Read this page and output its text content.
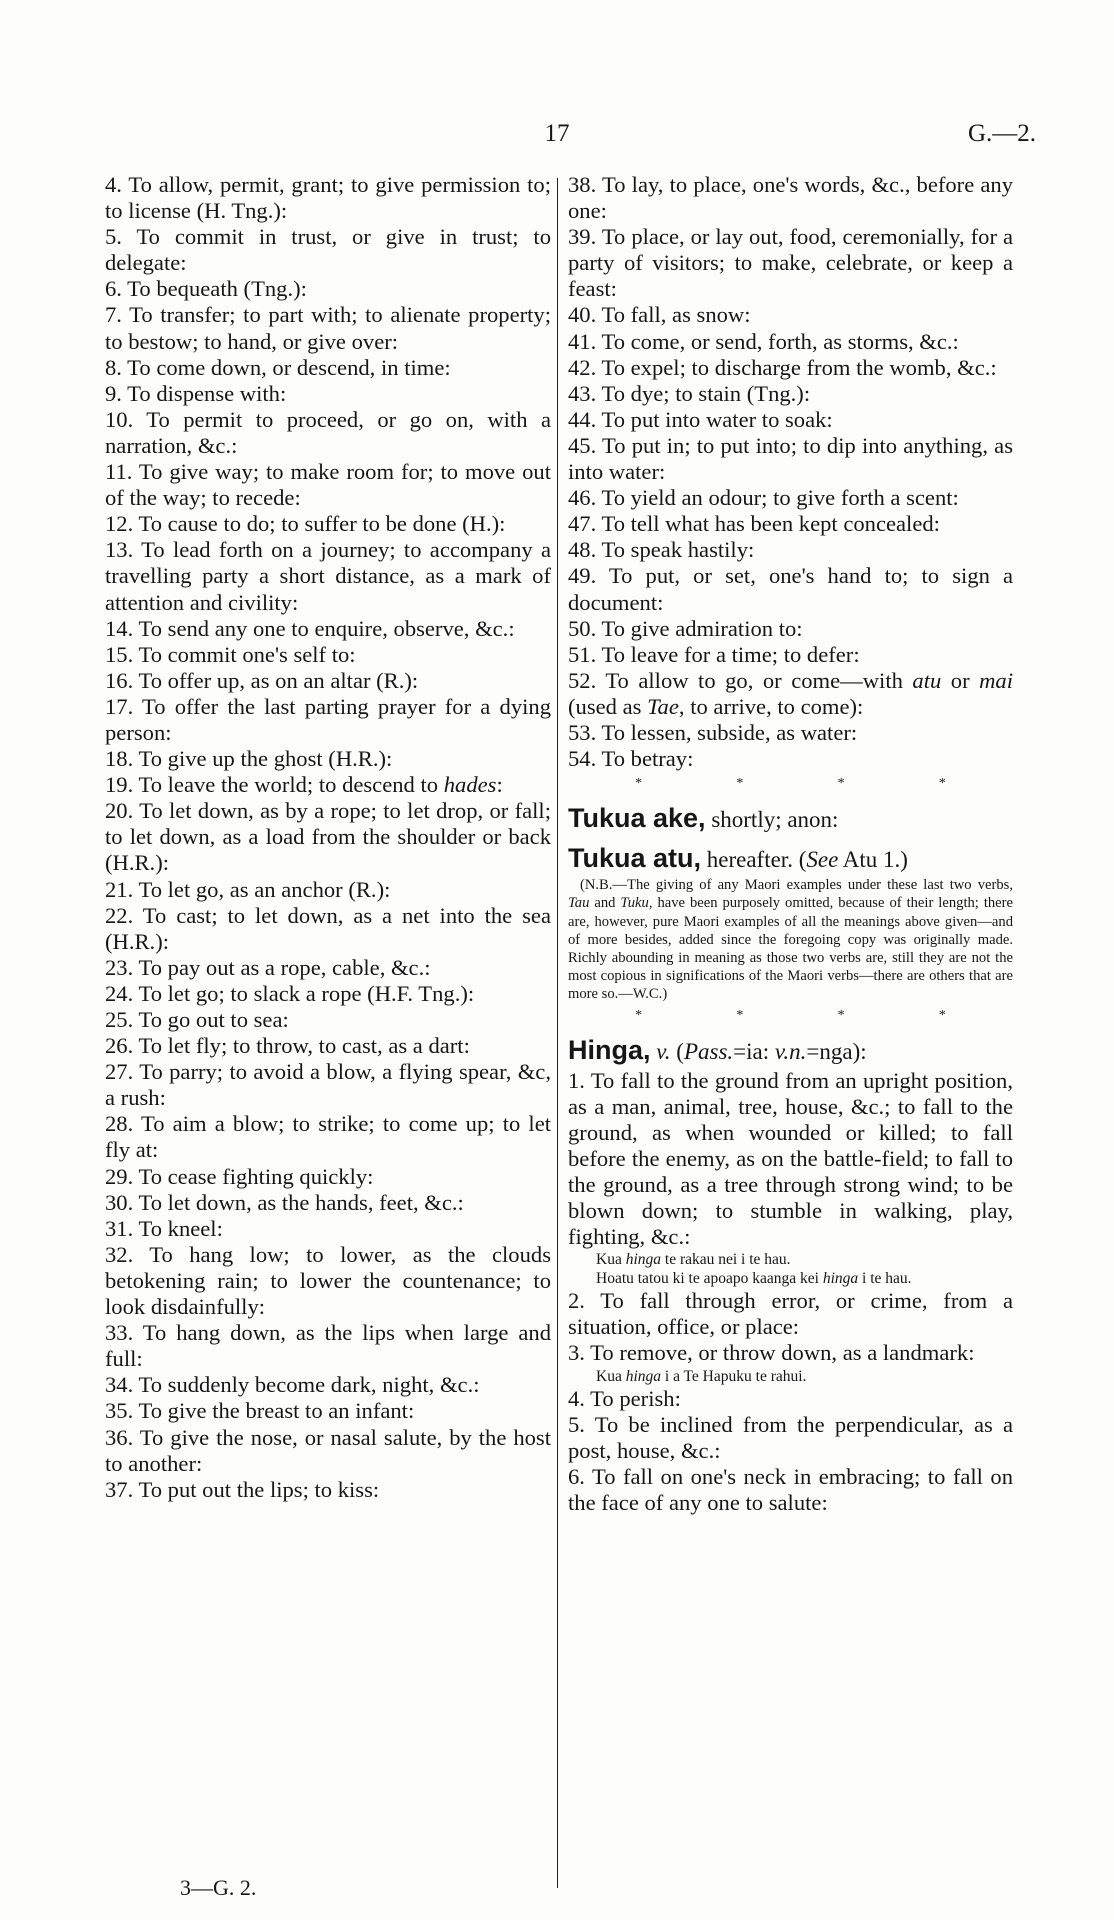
17	G.—2.
4. To allow, permit, grant; to give permission to; to license (H. Tng.):
5. To commit in trust, or give in trust; to delegate:
6. To bequeath (Tng.):
7. To transfer; to part with; to alienate property; to bestow; to hand, or give over:
8. To come down, or descend, in time:
9. To dispense with:
10. To permit to proceed, or go on, with a narration, &c.:
11. To give way; to make room for; to move out of the way; to recede:
12. To cause to do; to suffer to be done (H.):
13. To lead forth on a journey; to accompany a travelling party a short distance, as a mark of attention and civility:
14. To send any one to enquire, observe, &c.:
15. To commit one's self to:
16. To offer up, as on an altar (R.):
17. To offer the last parting prayer for a dying person:
18. To give up the ghost (H.R.):
19. To leave the world; to descend to hades:
20. To let down, as by a rope; to let drop, or fall; to let down, as a load from the shoulder or back (H.R.):
21. To let go, as an anchor (R.):
22. To cast; to let down, as a net into the sea (H.R.):
23. To pay out as a rope, cable, &c.:
24. To let go; to slack a rope (H.F. Tng.):
25. To go out to sea:
26. To let fly; to throw, to cast, as a dart:
27. To parry; to avoid a blow, a flying spear, &c, a rush:
28. To aim a blow; to strike; to come up; to let fly at:
29. To cease fighting quickly:
30. To let down, as the hands, feet, &c.:
31. To kneel:
32. To hang low; to lower, as the clouds betokening rain; to lower the countenance; to look disdainfully:
33. To hang down, as the lips when large and full:
34. To suddenly become dark, night, &c.:
35. To give the breast to an infant:
36. To give the nose, or nasal salute, by the host to another:
37. To put out the lips; to kiss:
38. To lay, to place, one's words, &c., before any one:
39. To place, or lay out, food, ceremonially, for a party of visitors; to make, celebrate, or keep a feast:
40. To fall, as snow:
41. To come, or send, forth, as storms, &c.:
42. To expel; to discharge from the womb, &c.:
43. To dye; to stain (Tng.):
44. To put into water to soak:
45. To put in; to put into; to dip into anything, as into water:
46. To yield an odour; to give forth a scent:
47. To tell what has been kept concealed:
48. To speak hastily:
49. To put, or set, one's hand to; to sign a document:
50. To give admiration to:
51. To leave for a time; to defer:
52. To allow to go, or come—with atu or mai (used as Tae, to arrive, to come):
53. To lessen, subside, as water:
54. To betray:
*	*	*	*
Tukua ake, shortly; anon:
Tukua atu, hereafter. (See Atu 1.)
(N.B.—The giving of any Maori examples under these last two verbs, Tau and Tuku, have been purposely omitted, because of their length; there are, however, pure Maori examples of all the meanings above given—and of more besides, added since the foregoing copy was originally made. Richly abounding in meaning as those two verbs are, still they are not the most copious in significations of the Maori verbs—there are others that are more so.—W.C.)
*	*	*	*
Hinga, v. (Pass.=ia: v.n.=nga):
1. To fall to the ground from an upright position, as a man, animal, tree, house, &c.; to fall to the ground, as when wounded or killed; to fall before the enemy, as on the battle-field; to fall to the ground, as a tree through strong wind; to be blown down; to stumble in walking, play, fighting, &c.:
Kua hinga te rakau nei i te hau.
Hoatu tatou ki te apoapo kaanga kei hinga i te hau.
2. To fall through error, or crime, from a situation, office, or place:
3. To remove, or throw down, as a landmark:
Kua hinga i a Te Hapuku te rahui.
4. To perish:
5. To be inclined from the perpendicular, as a post, house, &c.:
6. To fall on one's neck in embracing; to fall on the face of any one to salute:
3—G. 2.
